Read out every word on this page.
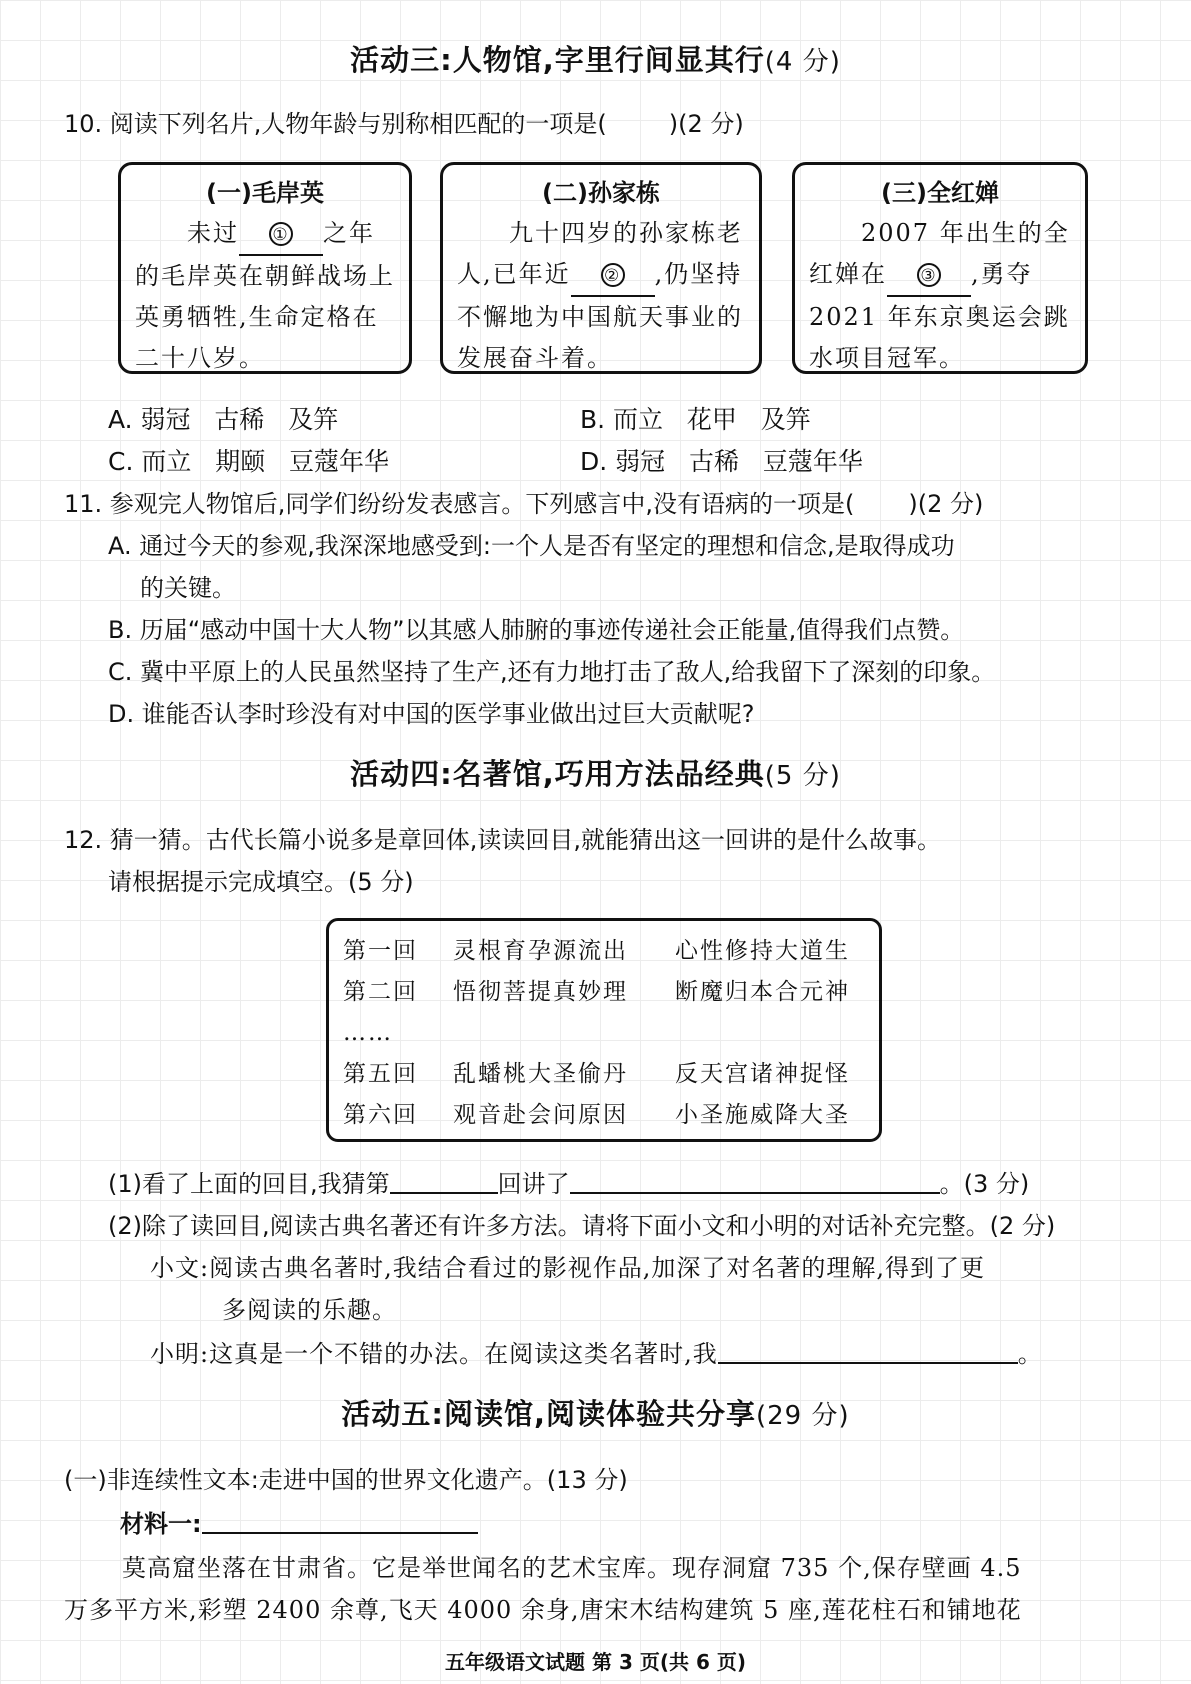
活动三:人物馆,字里行间显其行(4 分)
10. 阅读下列名片,人物年龄与别称相匹配的一项是(	)(2 分)
(一)毛岸英
  未过 ① 之年的毛岸英在朝鲜战场上英勇牺牲,生命定格在二十八岁。
(二)孙家栋
  九十四岁的孙家栋老人,已年近 ② ,仍坚持不懈地为中国航天事业的发展奋斗着。
(三)全红婵
  2007 年出生的全红婵在 ③ ,勇夺 2021 年东京奥运会跳水项目冠军。
A. 弱冠   古稀   及笄	B. 而立   花甲   及笄
C. 而立   期颐   豆蔻年华	D. 弱冠   古稀   豆蔻年华
11. 参观完人物馆后,同学们纷纷发表感言。下列感言中,没有语病的一项是( )(2 分)
A. 通过今天的参观,我深深地感受到:一个人是否有坚定的理想和信念,是取得成功
的关键。
B. 历届“感动中国十大人物”以其感人肺腑的事迹传递社会正能量,值得我们点赞。
C. 冀中平原上的人民虽然坚持了生产,还有力地打击了敌人,给我留下了深刻的印象。
D. 谁能否认李时珍没有对中国的医学事业做出过巨大贡献呢?
活动四:名著馆,巧用方法品经典(5 分)
12. 猜一猜。古代长篇小说多是章回体,读读回目,就能猜出这一回讲的是什么故事。
请根据提示完成填空。(5 分)
第一回 灵根育孕源流出 心性修持大道生
第二回 悟彻菩提真妙理 断魔归本合元神
……
第五回 乱蟠桃大圣偷丹 反天宫诸神捉怪
第六回 观音赴会问原因 小圣施威降大圣
(1)看了上面的回目,我猜第	回讲了	。(3 分)
(2)除了读回目,阅读古典名著还有许多方法。请将下面小文和小明的对话补充完整。(2 分)
小文:阅读古典名著时,我结合看过的影视作品,加深了对名著的理解,得到了更
多阅读的乐趣。
小明:这真是一个不错的办法。在阅读这类名著时,我	。
活动五:阅读馆,阅读体验共分享(29 分)
(一)非连续性文本:走进中国的世界文化遗产。(13 分)
材料一:
莫高窟坐落在甘肃省。它是举世闻名的艺术宝库。现存洞窟 735 个,保存壁画 4.5
万多平方米,彩塑 2400 余尊,飞天 4000 余身,唐宋木结构建筑 5 座,莲花柱石和铺地花
五年级语文试题 第 3 页(共 6 页)
